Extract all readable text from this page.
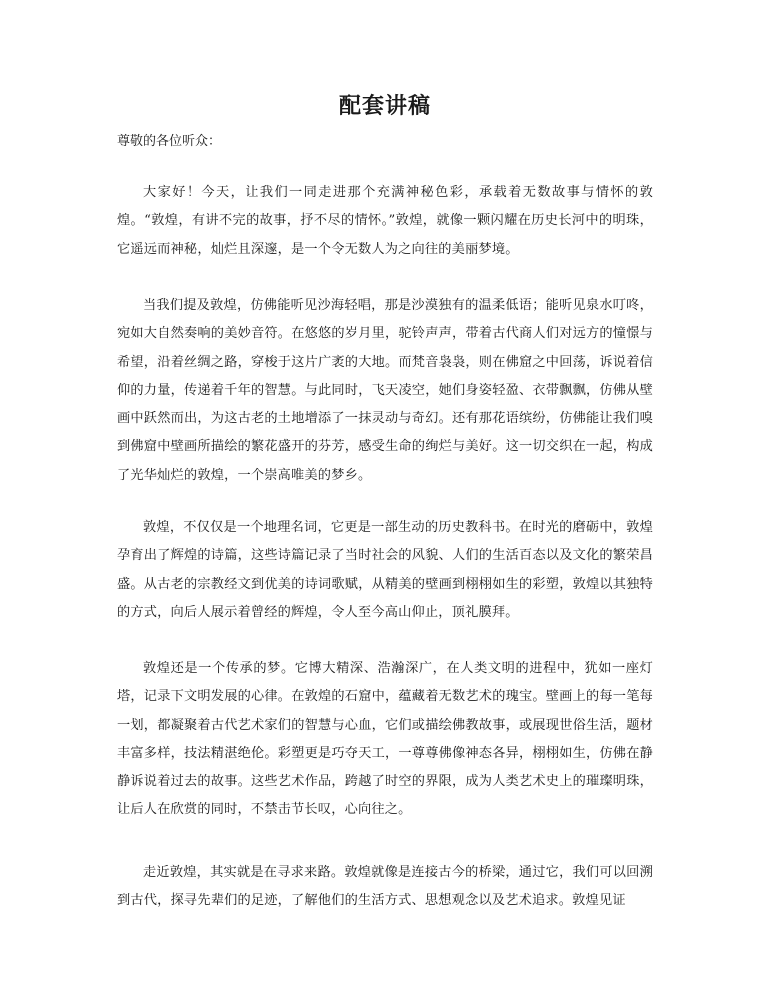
配套讲稿

尊敬的各位听众：

大家好！今天，让我们一同走进那个充满神秘色彩，承载着无数故事与情怀的敦煌。“敦煌，有讲不完的故事，抒不尽的情怀。”敦煌，就像一颗闪耀在历史长河中的明珠，它遥远而神秘，灿烂且深邃，是一个令无数人为之向往的美丽梦境。

当我们提及敦煌，仿佛能听见沙海轻唱，那是沙漠独有的温柔低语；能听见泉水叮咚，宛如大自然奏响的美妙音符。在悠悠的岁月里，驼铃声声，带着古代商人们对远方的憧憬与希望，沿着丝绸之路，穿梭于这片广袤的大地。而梵音袅袅，则在佛窟之中回荡，诉说着信仰的力量，传递着千年的智慧。与此同时，飞天凌空，她们身姿轻盈、衣带飘飘，仿佛从壁画中跃然而出，为这古老的土地增添了一抹灵动与奇幻。还有那花语缤纷，仿佛能让我们嗅到佛窟中壁画所描绘的繁花盛开的芬芳，感受生命的绚烂与美好。这一切交织在一起，构成了光华灿烂的敦煌，一个崇高唯美的梦乡。

敦煌，不仅仅是一个地理名词，它更是一部生动的历史教科书。在时光的磨砺中，敦煌孕育出了辉煌的诗篇，这些诗篇记录了当时社会的风貌、人们的生活百态以及文化的繁荣昌盛。从古老的宗教经文到优美的诗词歌赋，从精美的壁画到栩栩如生的彩塑，敦煌以其独特的方式，向后人展示着曾经的辉煌，令人至今高山仰止，顶礼膜拜。

敦煌还是一个传承的梦。它博大精深、浩瀚深广，在人类文明的进程中，犹如一座灯塔，记录下文明发展的心律。在敦煌的石窟中，蕴藏着无数艺术的瑰宝。壁画上的每一笔每一划，都凝聚着古代艺术家们的智慧与心血，它们或描绘佛教故事，或展现世俗生活，题材丰富多样，技法精湛绝伦。彩塑更是巧夺天工，一尊尊佛像神态各异，栩栩如生，仿佛在静静诉说着过去的故事。这些艺术作品，跨越了时空的界限，成为人类艺术史上的璀璨明珠，让后人在欣赏的同时，不禁击节长叹，心向往之。

走近敦煌，其实就是在寻求来路。敦煌就像是连接古今的桥梁，通过它，我们可以回溯到古代，探寻先辈们的足迹，了解他们的生活方式、思想观念以及艺术追求。敦煌见证
